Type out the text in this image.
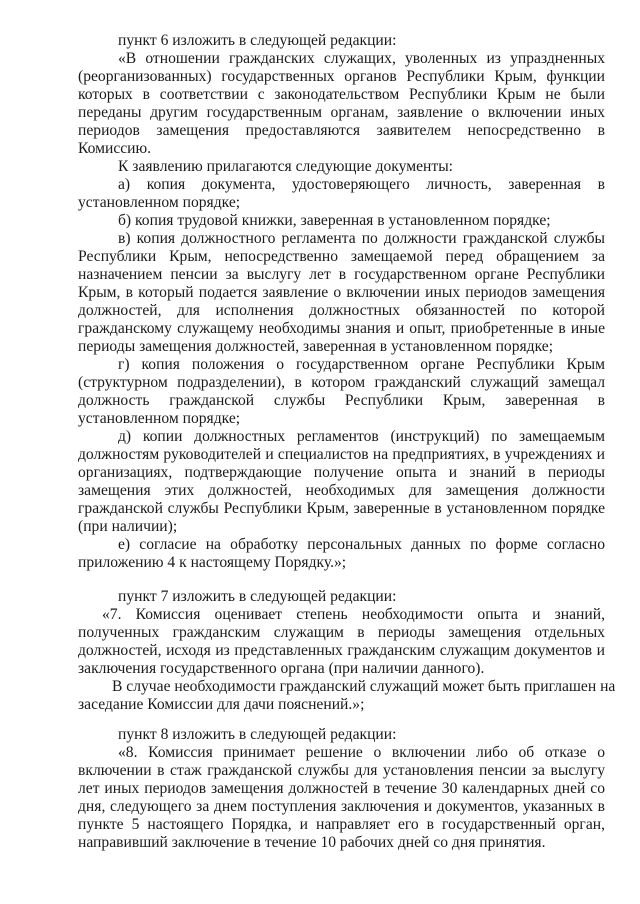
пункт 6 изложить в следующей редакции:
«В отношении гражданских служащих, уволенных из упраздненных
(реорганизованных) государственных органов Республики Крым, функции
которых в соответствии с законодательством Республики Крым не были
переданы другим государственным органам, заявление о включении иных
периодов замещения предоставляются заявителем непосредственно в
Комиссию.
К заявлению прилагаются следующие документы:
а) копия документа, удостоверяющего личность, заверенная в
установленном порядке;
б) копия трудовой книжки, заверенная в установленном порядке;
в) копия должностного регламента по должности гражданской службы
Республики Крым, непосредственно замещаемой перед обращением за
назначением пенсии за выслугу лет в государственном органе Республики
Крым, в который подается заявление о включении иных периодов замещения
должностей, для исполнения должностных обязанностей по которой
гражданскому служащему необходимы знания и опыт, приобретенные в иные
периоды замещения должностей, заверенная в установленном порядке;
г) копия положения о государственном органе Республики Крым
(структурном подразделении), в котором гражданский служащий замещал
должность гражданской службы Республики Крым, заверенная в
установленном порядке;
д) копии должностных регламентов (инструкций) по замещаемым
должностям руководителей и специалистов на предприятиях, в учреждениях и
организациях, подтверждающие получение опыта и знаний в периоды
замещения этих должностей, необходимых для замещения должности
гражданской службы Республики Крым, заверенные в установленном порядке
(при наличии);
е) согласие на обработку персональных данных по форме согласно
приложению 4 к настоящему Порядку.»;
пункт 7 изложить в следующей редакции:
«7. Комиссия оценивает степень необходимости опыта и знаний,
полученных гражданским служащим в периоды замещения отдельных
должностей, исходя из представленных гражданским служащим документов и
заключения государственного органа (при наличии данного).
В случае необходимости гражданский служащий может быть приглашен на
заседание Комиссии для дачи пояснений.»;
пункт 8 изложить в следующей редакции:
«8. Комиссия принимает решение о включении либо об отказе о
включении в стаж гражданской службы для установления пенсии за выслугу
лет иных периодов замещения должностей в течение 30 календарных дней со
дня, следующего за днем поступления заключения и документов, указанных в
пункте 5 настоящего Порядка, и направляет его в государственный орган,
направивший заключение в течение 10 рабочих дней со дня принятия.
